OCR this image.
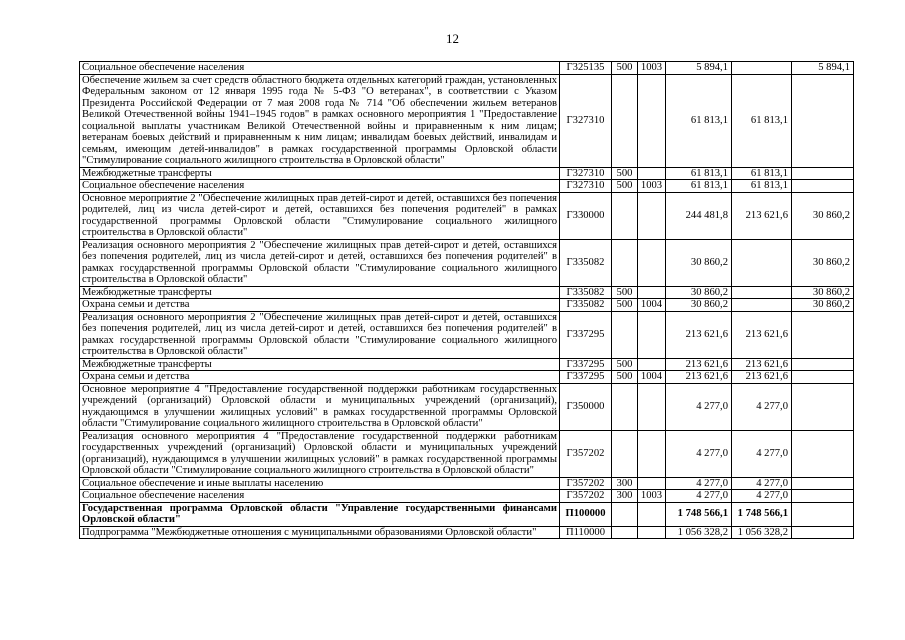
12
Социальное обеспечение населения	Г325135	500	1003	5 894,1		5 894,1
Обеспечение жильем за счет средств областного бюджета отдельных категорий граждан, установленных Федеральным законом от 12 января 1995 года № 5-ФЗ "О ветеранах", в соответствии с Указом Президента Российской Федерации от 7 мая 2008 года № 714 "Об обеспечении жильем ветеранов Великой Отечественной войны 1941–1945 годов" в рамках основного мероприятия 1 "Предоставление социальной выплаты участникам Великой Отечественной войны и приравненным к ним лицам; ветеранам боевых действий и приравненным к ним лицам; инвалидам боевых действий, инвалидам и семьям, имеющим детей-инвалидов" в рамках государственной программы Орловской области "Стимулирование социального жилищного строительства в Орловской области"	Г327310			61 813,1	61 813,1	
Межбюджетные трансферты	Г327310	500		61 813,1	61 813,1	
Социальное обеспечение населения	Г327310	500	1003	61 813,1	61 813,1	
Основное мероприятие 2 "Обеспечение жилищных прав детей-сирот и детей, оставшихся без попечения родителей, лиц из числа детей-сирот и детей, оставшихся без попечения родителей" в рамках государственной программы Орловской области "Стимулирование социального жилищного строительства в Орловской области"	Г330000			244 481,8	213 621,6	30 860,2
Реализация основного мероприятия 2 "Обеспечение жилищных прав детей-сирот и детей, оставшихся без попечения родителей, лиц из числа детей-сирот и детей, оставшихся без попечения родителей" в рамках государственной программы Орловской области "Стимулирование социального жилищного строительства в Орловской области"	Г335082			30 860,2		30 860,2
Межбюджетные трансферты	Г335082	500		30 860,2		30 860,2
Охрана семьи и детства	Г335082	500	1004	30 860,2		30 860,2
Реализация основного мероприятия 2 "Обеспечение жилищных прав детей-сирот и детей, оставшихся без попечения родителей, лиц из числа детей-сирот и детей, оставшихся без попечения родителей" в рамках государственной программы Орловской области "Стимулирование социального жилищного строительства в Орловской области"	Г337295			213 621,6	213 621,6	
Межбюджетные трансферты	Г337295	500		213 621,6	213 621,6	
Охрана семьи и детства	Г337295	500	1004	213 621,6	213 621,6	
Основное мероприятие 4 "Предоставление государственной поддержки работникам государственных учреждений (организаций) Орловской области и муниципальных учреждений (организаций), нуждающимся в улучшении жилищных условий" в рамках государственной программы Орловской области "Стимулирование социального жилищного строительства в Орловской области"	Г350000			4 277,0	4 277,0	
Реализация основного мероприятия 4 "Предоставление государственной поддержки работникам государственных учреждений (организаций) Орловской области и муниципальных учреждений (организаций), нуждающимся в улучшении жилищных условий" в рамках государственной программы Орловской области "Стимулирование социального жилищного строительства в Орловской области"	Г357202			4 277,0	4 277,0	
Социальное обеспечение и иные выплаты населению	Г357202	300		4 277,0	4 277,0	
Социальное обеспечение населения	Г357202	300	1003	4 277,0	4 277,0	
Государственная программа Орловской области "Управление государственными финансами Орловской области"	П100000			1 748 566,1	1 748 566,1	
Подпрограмма "Межбюджетные отношения с муниципальными образованиями Орловской области"	П110000			1 056 328,2	1 056 328,2	
